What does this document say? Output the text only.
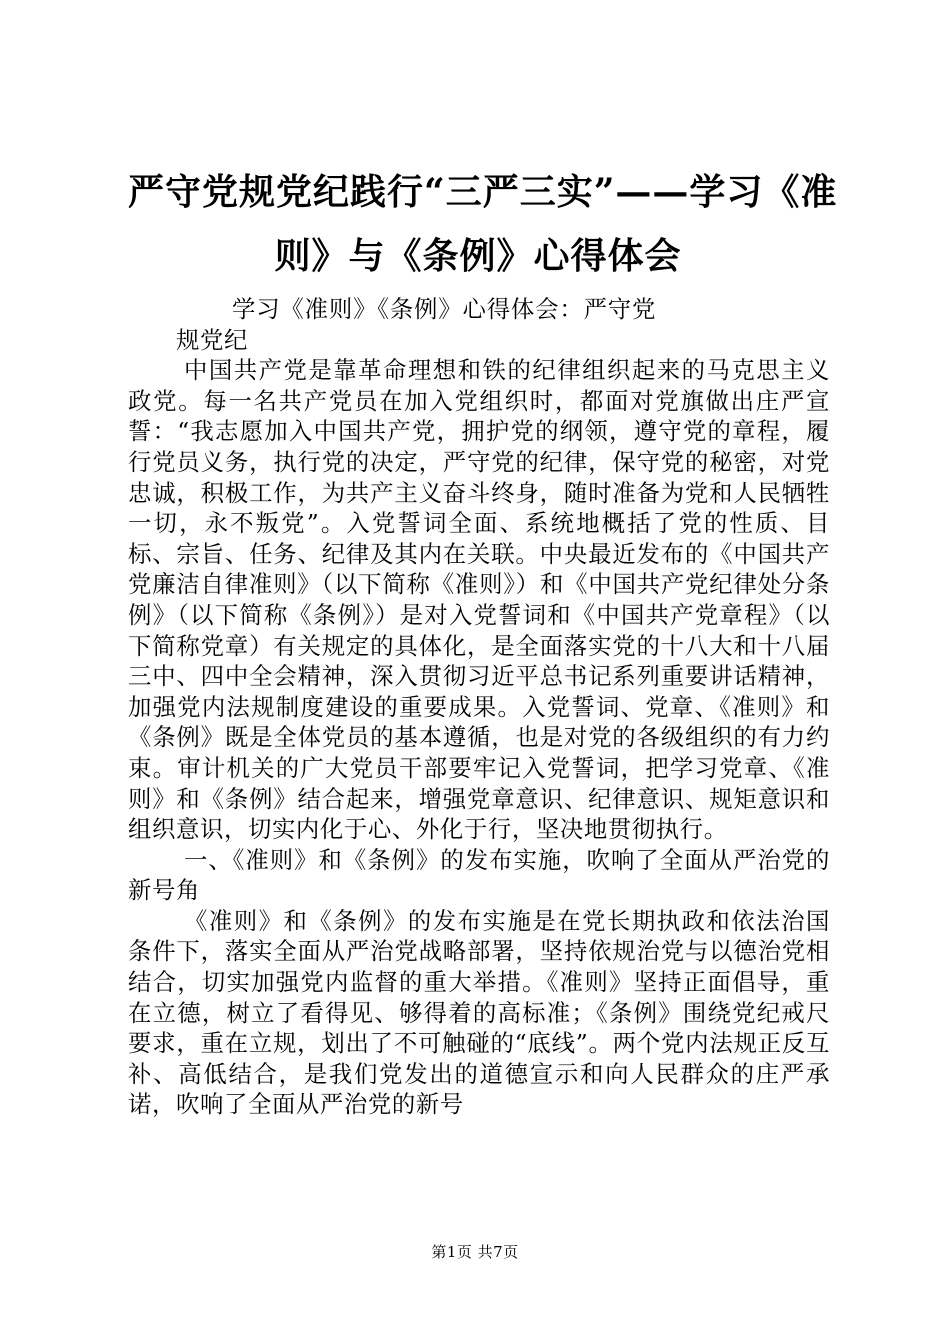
严守党规党纪践行“三严三实”——学习《准
则》与《条例》心得体会

学习《准则》《条例》心得体会：严守党规党纪

中国共产党是靠革命理想和铁的纪律组织起来的马克思主义政党。每一名共产党员在加入党组织时，都面对党旗做出庄严宣誓：“我志愿加入中国共产党，拥护党的纲领，遵守党的章程，履行党员义务，执行党的决定，严守党的纪律，保守党的秘密，对党忠诚，积极工作，为共产主义奋斗终身，随时准备为党和人民牺牲一切，永不叛党”。入党誓词全面、系统地概括了党的性质、目标、宗旨、任务、纪律及其内在关联。中央最近发布的《中国共产党廉洁自律准则》（以下简称《准则》）和《中国共产党纪律处分条例》（以下简称《条例》）是对入党誓词和《中国共产党章程》（以下简称党章）有关规定的具体化，是全面落实党的十八大和十八届三中、四中全会精神，深入贯彻习近平总书记系列重要讲话精神，加强党内法规制度建设的重要成果。入党誓词、党章、《准则》和《条例》既是全体党员的基本遵循，也是对党的各级组织的有力约束。审计机关的广大党员干部要牢记入党誓词，把学习党章、《准则》和《条例》结合起来，增强党章意识、纪律意识、规矩意识和组织意识，切实内化于心、外化于行，坚决地贯彻执行。

一、《准则》和《条例》的发布实施，吹响了全面从严治党的新号角

《准则》和《条例》的发布实施是在党长期执政和依法治国条件下，落实全面从严治党战略部署，坚持依规治党与以德治党相结合，切实加强党内监督的重大举措。《准则》坚持正面倡导，重在立德，树立了看得见、够得着的高标准；《条例》围绕党纪戒尺要求，重在立规，划出了不可触碰的“底线”。两个党内法规正反互补、高低结合，是我们党发出的道德宣示和向人民群众的庄严承诺，吹响了全面从严治党的新号

第1页 共7页
